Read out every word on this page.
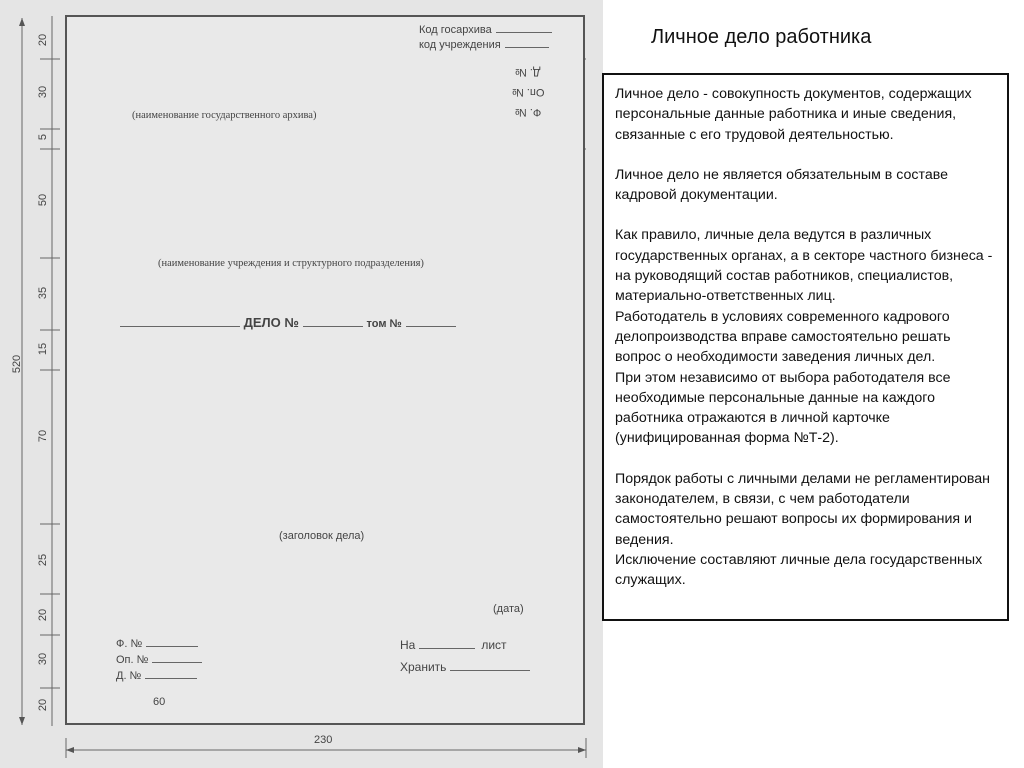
520
20
30
5
50
35
15
70
25
20
30
20
230
60
Код госархива
код учреждения
Д. №
Оп. №
Ф. №
(наименование государственного архива)
(наименование учреждения и структурного подразделения)
ДЕЛО №	том №
(заголовок дела)
(дата)
Ф. №
Оп. №
Д. №
На	лист
Хранить
Личное дело работника

Личное дело - совокупность документов, содержащих персональные данные работника и иные сведения, связанные с его трудовой деятельностью.

Личное дело не является обязательным в составе кадровой документации.

Как правило, личные дела ведутся в различных государственных органах, а в секторе частного бизнеса - на руководящий состав работников, специалистов, материально-ответственных лиц.

Работодатель в условиях современного кадрового делопроизводства вправе самостоятельно решать вопрос о необходимости заведения личных дел.

При этом независимо от выбора работодателя все необходимые персональные данные на каждого работника отражаются в личной карточке (унифицированная форма №Т-2).

Порядок работы с личными делами не регламентирован законодателем, в связи, с чем работодатели самостоятельно решают вопросы их формирования и ведения.

Исключение составляют личные дела государственных служащих.
